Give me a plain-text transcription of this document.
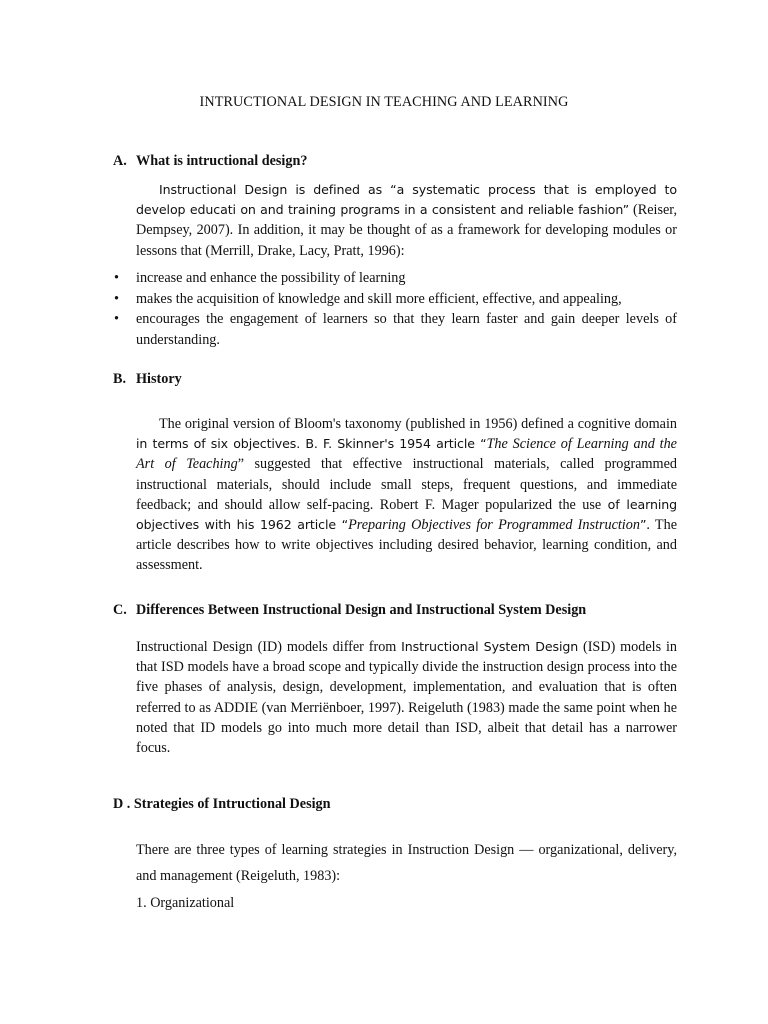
INTRUCTIONAL DESIGN IN TEACHING AND LEARNING
A. What is intructional design?
Instructional Design is defined as “a systematic process that is employed to develop educati on and training programs in a consistent and reliable fashion” (Reiser, Dempsey, 2007). In addition, it may be thought of as a framework for developing modules or lessons that (Merrill, Drake, Lacy, Pratt, 1996):
• increase and enhance the possibility of learning
• makes the acquisition of knowledge and skill more efficient, effective, and appealing,
• encourages the engagement of learners so that they learn faster and gain deeper levels of understanding.
B. History
The original version of Bloom's taxonomy (published in 1956) defined a cognitive domain in terms of six objectives. B. F. Skinner's 1954 article “The Science of Learning and the Art of Teaching” suggested that effective instructional materials, called programmed instructional materials, should include small steps, frequent questions, and immediate feedback; and should allow self-pacing. Robert F. Mager popularized the use of learning objectives with his 1962 article “Preparing Objectives for Programmed Instruction”. The article describes how to write objectives including desired behavior, learning condition, and assessment.
C. Differences Between Instructional Design and Instructional System Design
Instructional Design (ID) models differ from Instructional System Design (ISD) models in that ISD models have a broad scope and typically divide the instruction design process into the five phases of analysis, design, development, implementation, and evaluation that is often referred to as ADDIE (van Merriënboer, 1997). Reigeluth (1983) made the same point when he noted that ID models go into much more detail than ISD, albeit that detail has a narrower focus.
D . Strategies of Intructional Design
There are three types of learning strategies in Instruction Design — organizational, delivery, and management (Reigeluth, 1983):
1. Organizational
